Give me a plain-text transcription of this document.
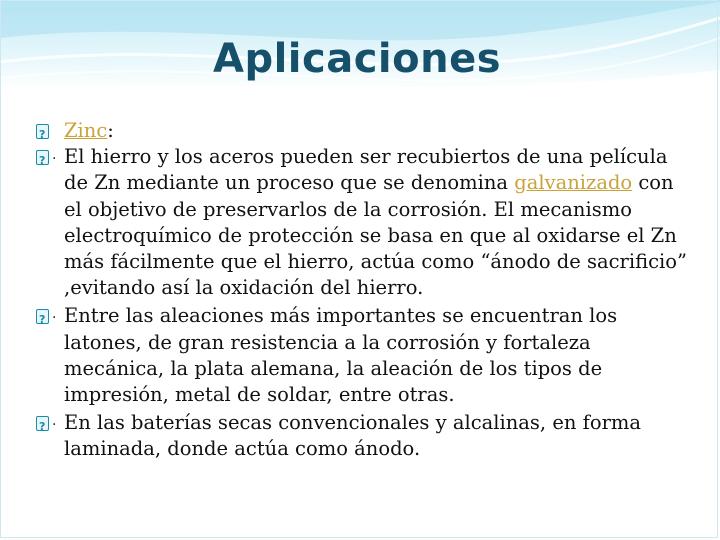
Aplicaciones
?
Zinc:
?· El hierro y los aceros pueden ser recubiertos de una película de Zn mediante un proceso que se denomina galvanizado con el objetivo de preservarlos de la corrosión. El mecanismo electroquímico de protección se basa en que al oxidarse el Zn más fácilmente que el hierro, actúa como “ánodo de sacrificio” ,evitando así la oxidación del hierro.
?· Entre las aleaciones más importantes se encuentran los latones, de gran resistencia a la corrosión y fortaleza mecánica, la plata alemana, la aleación de los tipos de impresión, metal de soldar, entre otras.
?· En las baterías secas convencionales y alcalinas, en forma laminada, donde actúa como ánodo.
